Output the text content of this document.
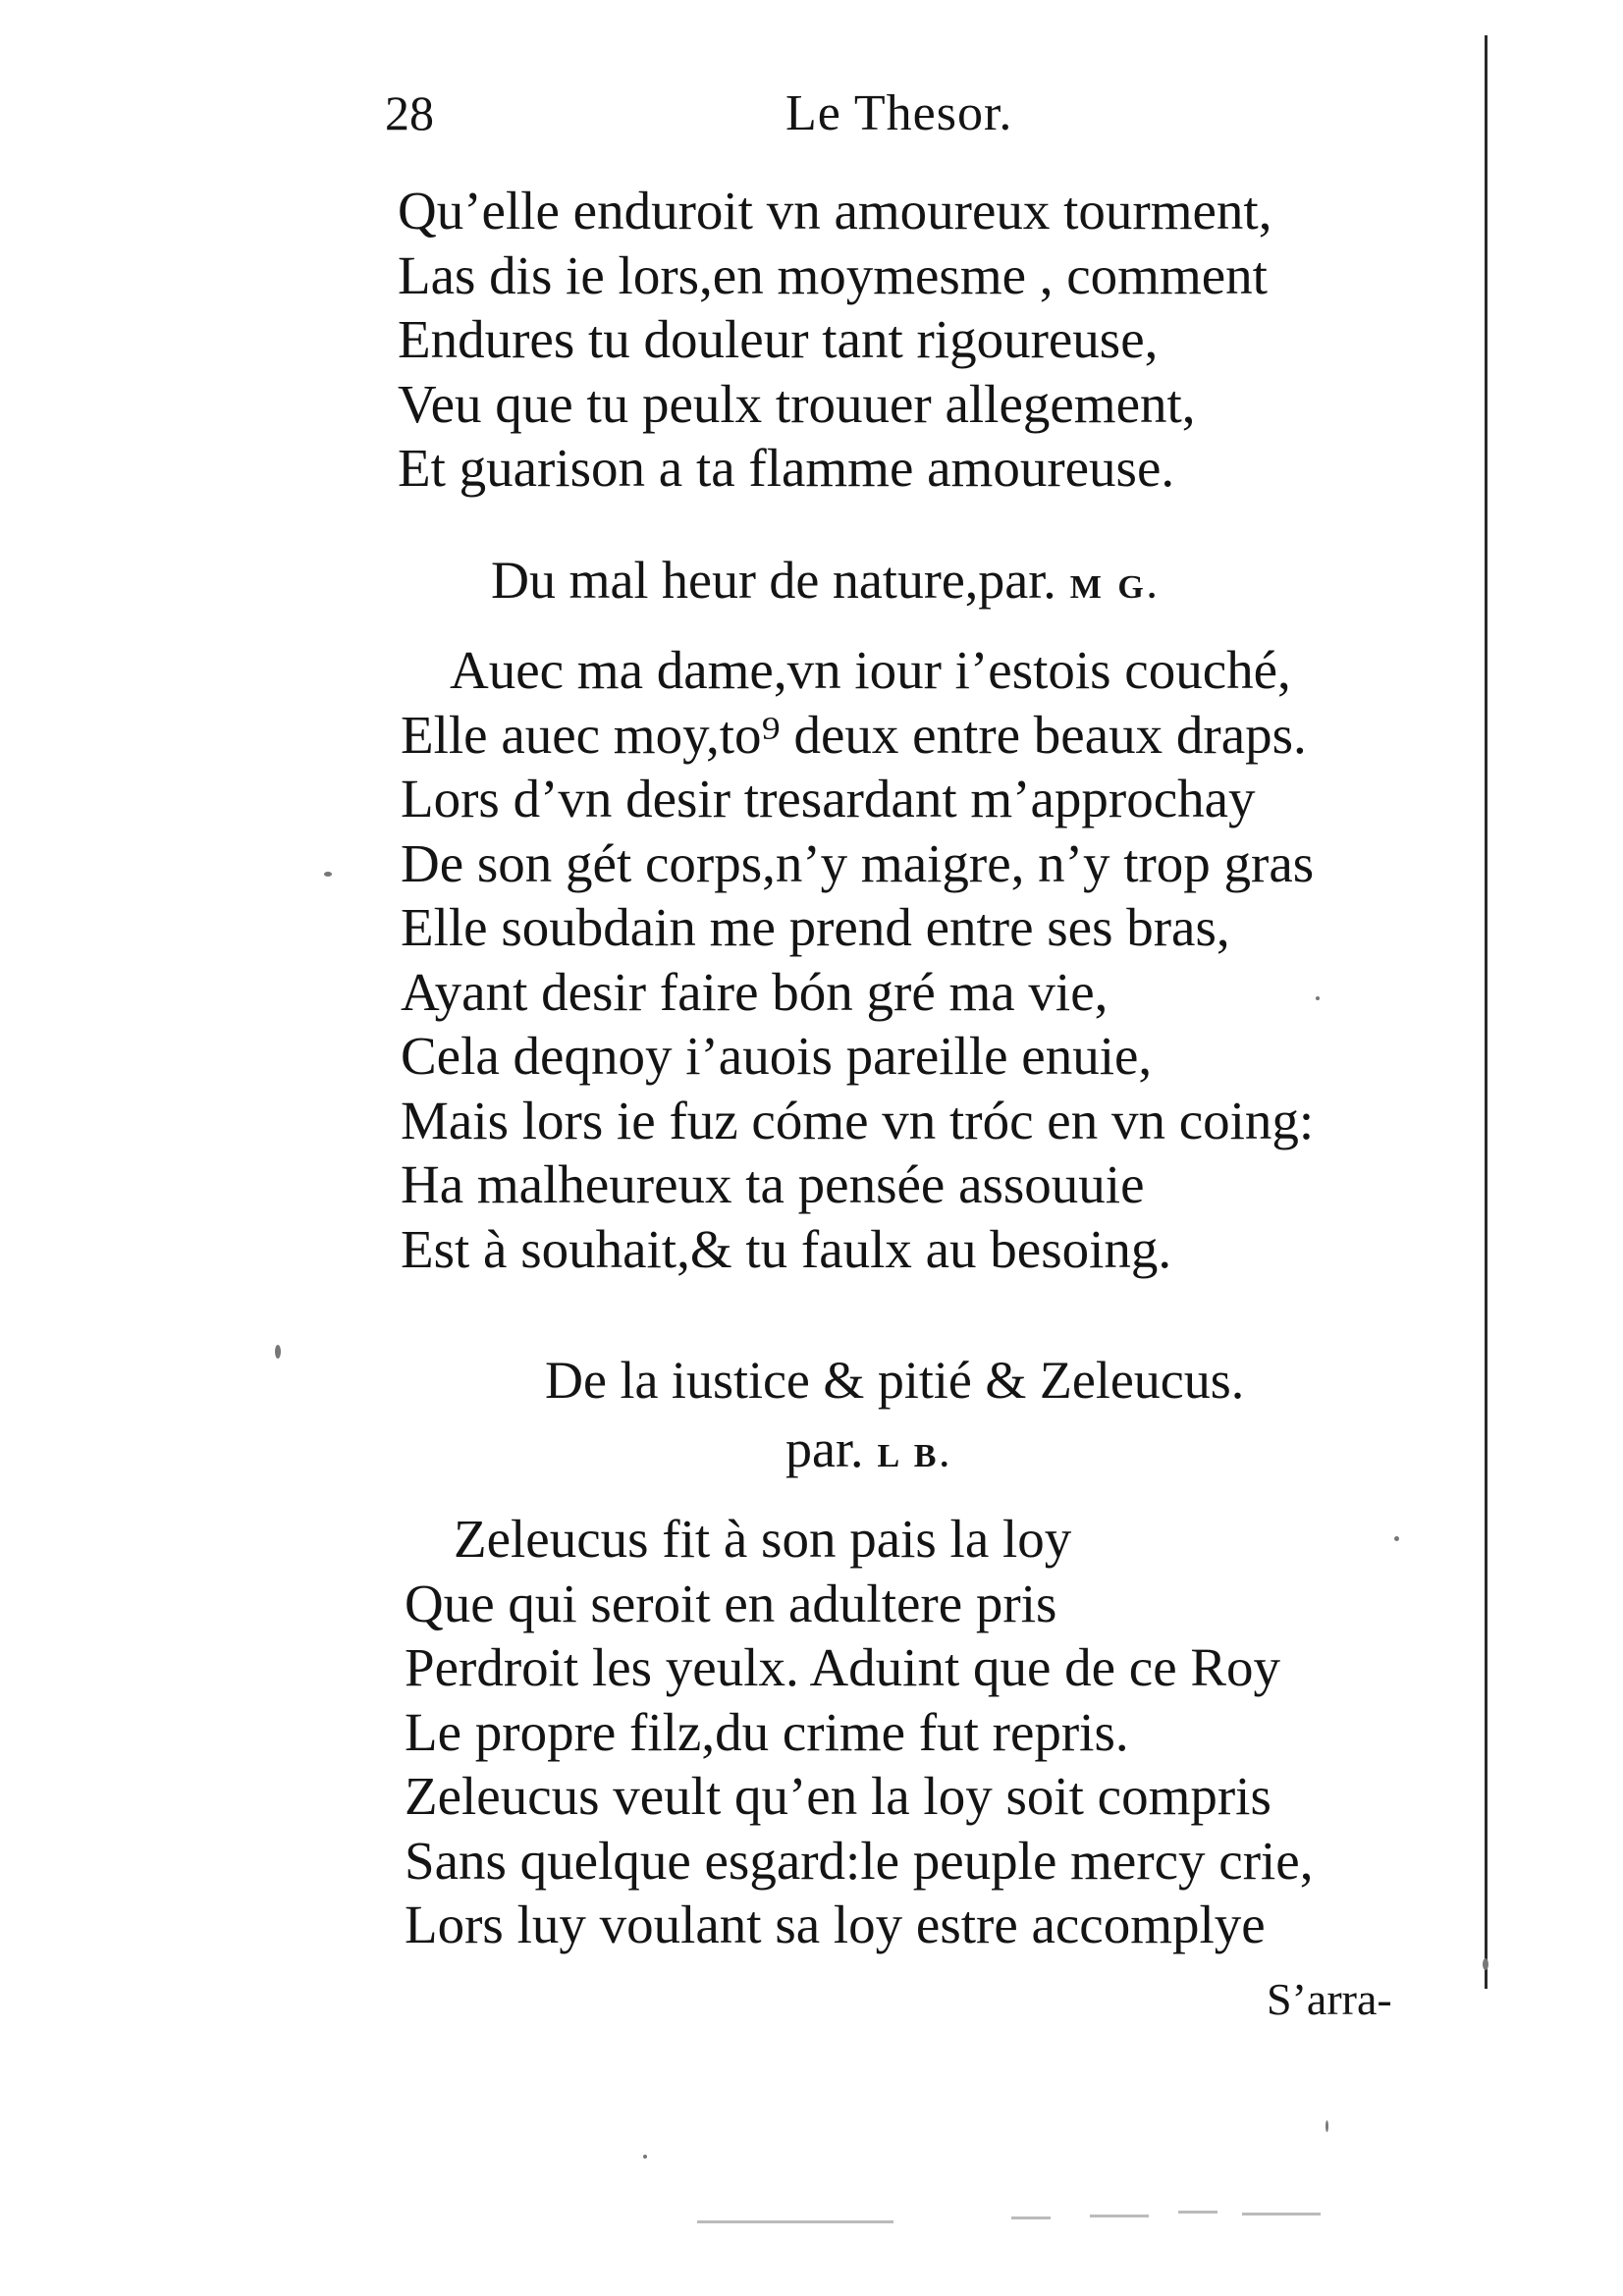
28	Le Thesor.
Qu’elle enduroit vn amoureux tourment,
Las dis ie lors,en moymesme , comment
Endures tu douleur tant rigoureuse,
Veu que tu peulx trouuer allegement,
Et guarison a ta flamme amoureuse.
Du mal heur de nature,par. M G.
Auec ma dame,vn iour i’estois couché,
Elle auec moy,to⁹ deux entre beaux draps.
Lors d’vn desir tresardant m’approchay
De son gét corps,n’y maigre, n’y trop gras
Elle soubdain me prend entre ses bras,
Ayant desir faire bón gré ma vie,
Cela deqnoy i’auois pareille enuie,
Mais lors ie fuz cóme vn tróc en vn coing:
Ha malheureux ta pensée assouuie
Est à souhait,& tu faulx au besoing.
De la iustice & pitié & Zeleucus.
par. L B.
Zeleucus fit à son pais la loy
Que qui seroit en adultere pris
Perdroit les yeulx. Aduint que de ce Roy
Le propre filz,du crime fut repris.
Zeleucus veult qu’en la loy soit compris
Sans quelque esgard:le peuple mercy crie,
Lors luy voulant sa loy estre accomplye
S’arra-
